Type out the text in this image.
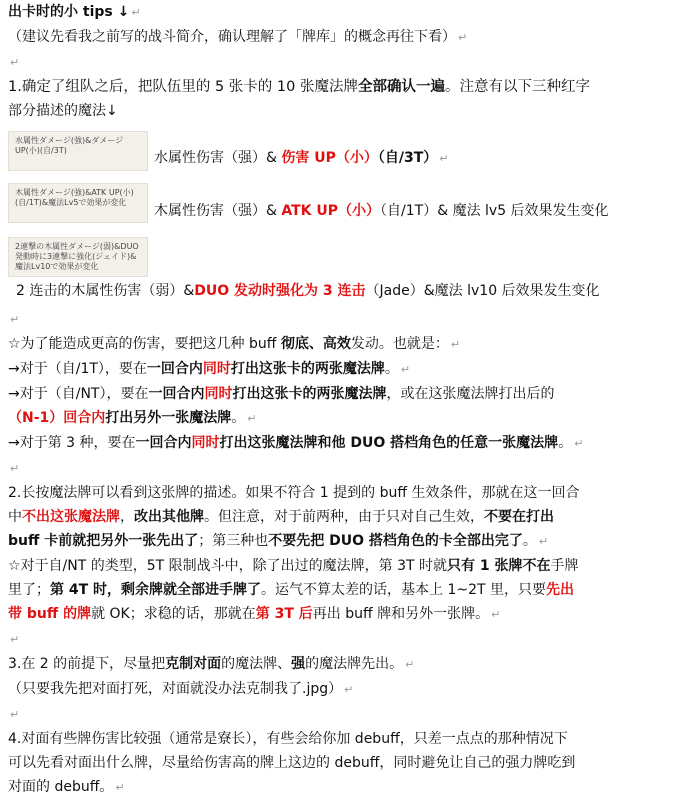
出卡时的小 tips ↓ ↵
（建议先看我之前写的战斗简介，确认理解了「牌库」的概念再往下看） ↵
↵
1.确定了组队之后，把队伍里的 5 张卡的 10 张魔法牌全部确认一遍。注意有以下三种红字
部分描述的魔法↓
水属性ダメージ(強)&ダメージUP(小)(自/3T)	水属性伤害（强）& 伤害 UP（小）（自/3T） ↵
木属性ダメージ(強)&ATK UP(小)(自/1T)&魔法Lv5で効果が変化
木属性伤害（强）& ATK UP（小）（自/1T）& 魔法 lv5 后效果发生变化
2連撃の木属性ダメージ(弱)&DUO発動時に3連撃に強化(ジェイド)&魔法Lv10で効果が変化
2 连击的木属性伤害（弱）&DUO 发动时强化为 3 连击（Jade）&魔法 lv10 后效果发生变化
↵
☆为了能造成更高的伤害，要把这几种 buff 彻底、高效发动。也就是： ↵
→对于（自/1T），要在一回合内同时打出这张卡的两张魔法牌。 ↵
→对于（自/NT），要在一回合内同时打出这张卡的两张魔法牌，或在这张魔法牌打出后的
（N-1）回合内打出另外一张魔法牌。 ↵
→对于第 3 种，要在一回合内同时打出这张魔法牌和他 DUO 搭档角色的任意一张魔法牌。 ↵
↵
2.长按魔法牌可以看到这张牌的描述。如果不符合 1 提到的 buff 生效条件，那就在这一回合
中不出这张魔法牌，改出其他牌。但注意，对于前两种，由于只对自己生效，不要在打出
buff 卡前就把另外一张先出了；第三种也不要先把 DUO 搭档角色的卡全部出完了。 ↵
☆对于自/NT 的类型，5T 限制战斗中，除了出过的魔法牌，第 3T 时就只有 1 张牌不在手牌
里了；第 4T 时，剩余牌就全部进手牌了。运气不算太差的话，基本上 1~2T 里，只要先出
带 buff 的牌就 OK；求稳的话，那就在第 3T 后再出 buff 牌和另外一张牌。 ↵
↵
3.在 2 的前提下，尽量把克制对面的魔法牌、强的魔法牌先出。 ↵
（只要我先把对面打死，对面就没办法克制我了.jpg） ↵
↵
4.对面有些牌伤害比较强（通常是寮长），有些会给你加 debuff，只差一点点的那种情况下
可以先看对面出什么牌，尽量给伤害高的牌上这边的 debuff，同时避免让自己的强力牌吃到
对面的 debuff。 ↵
